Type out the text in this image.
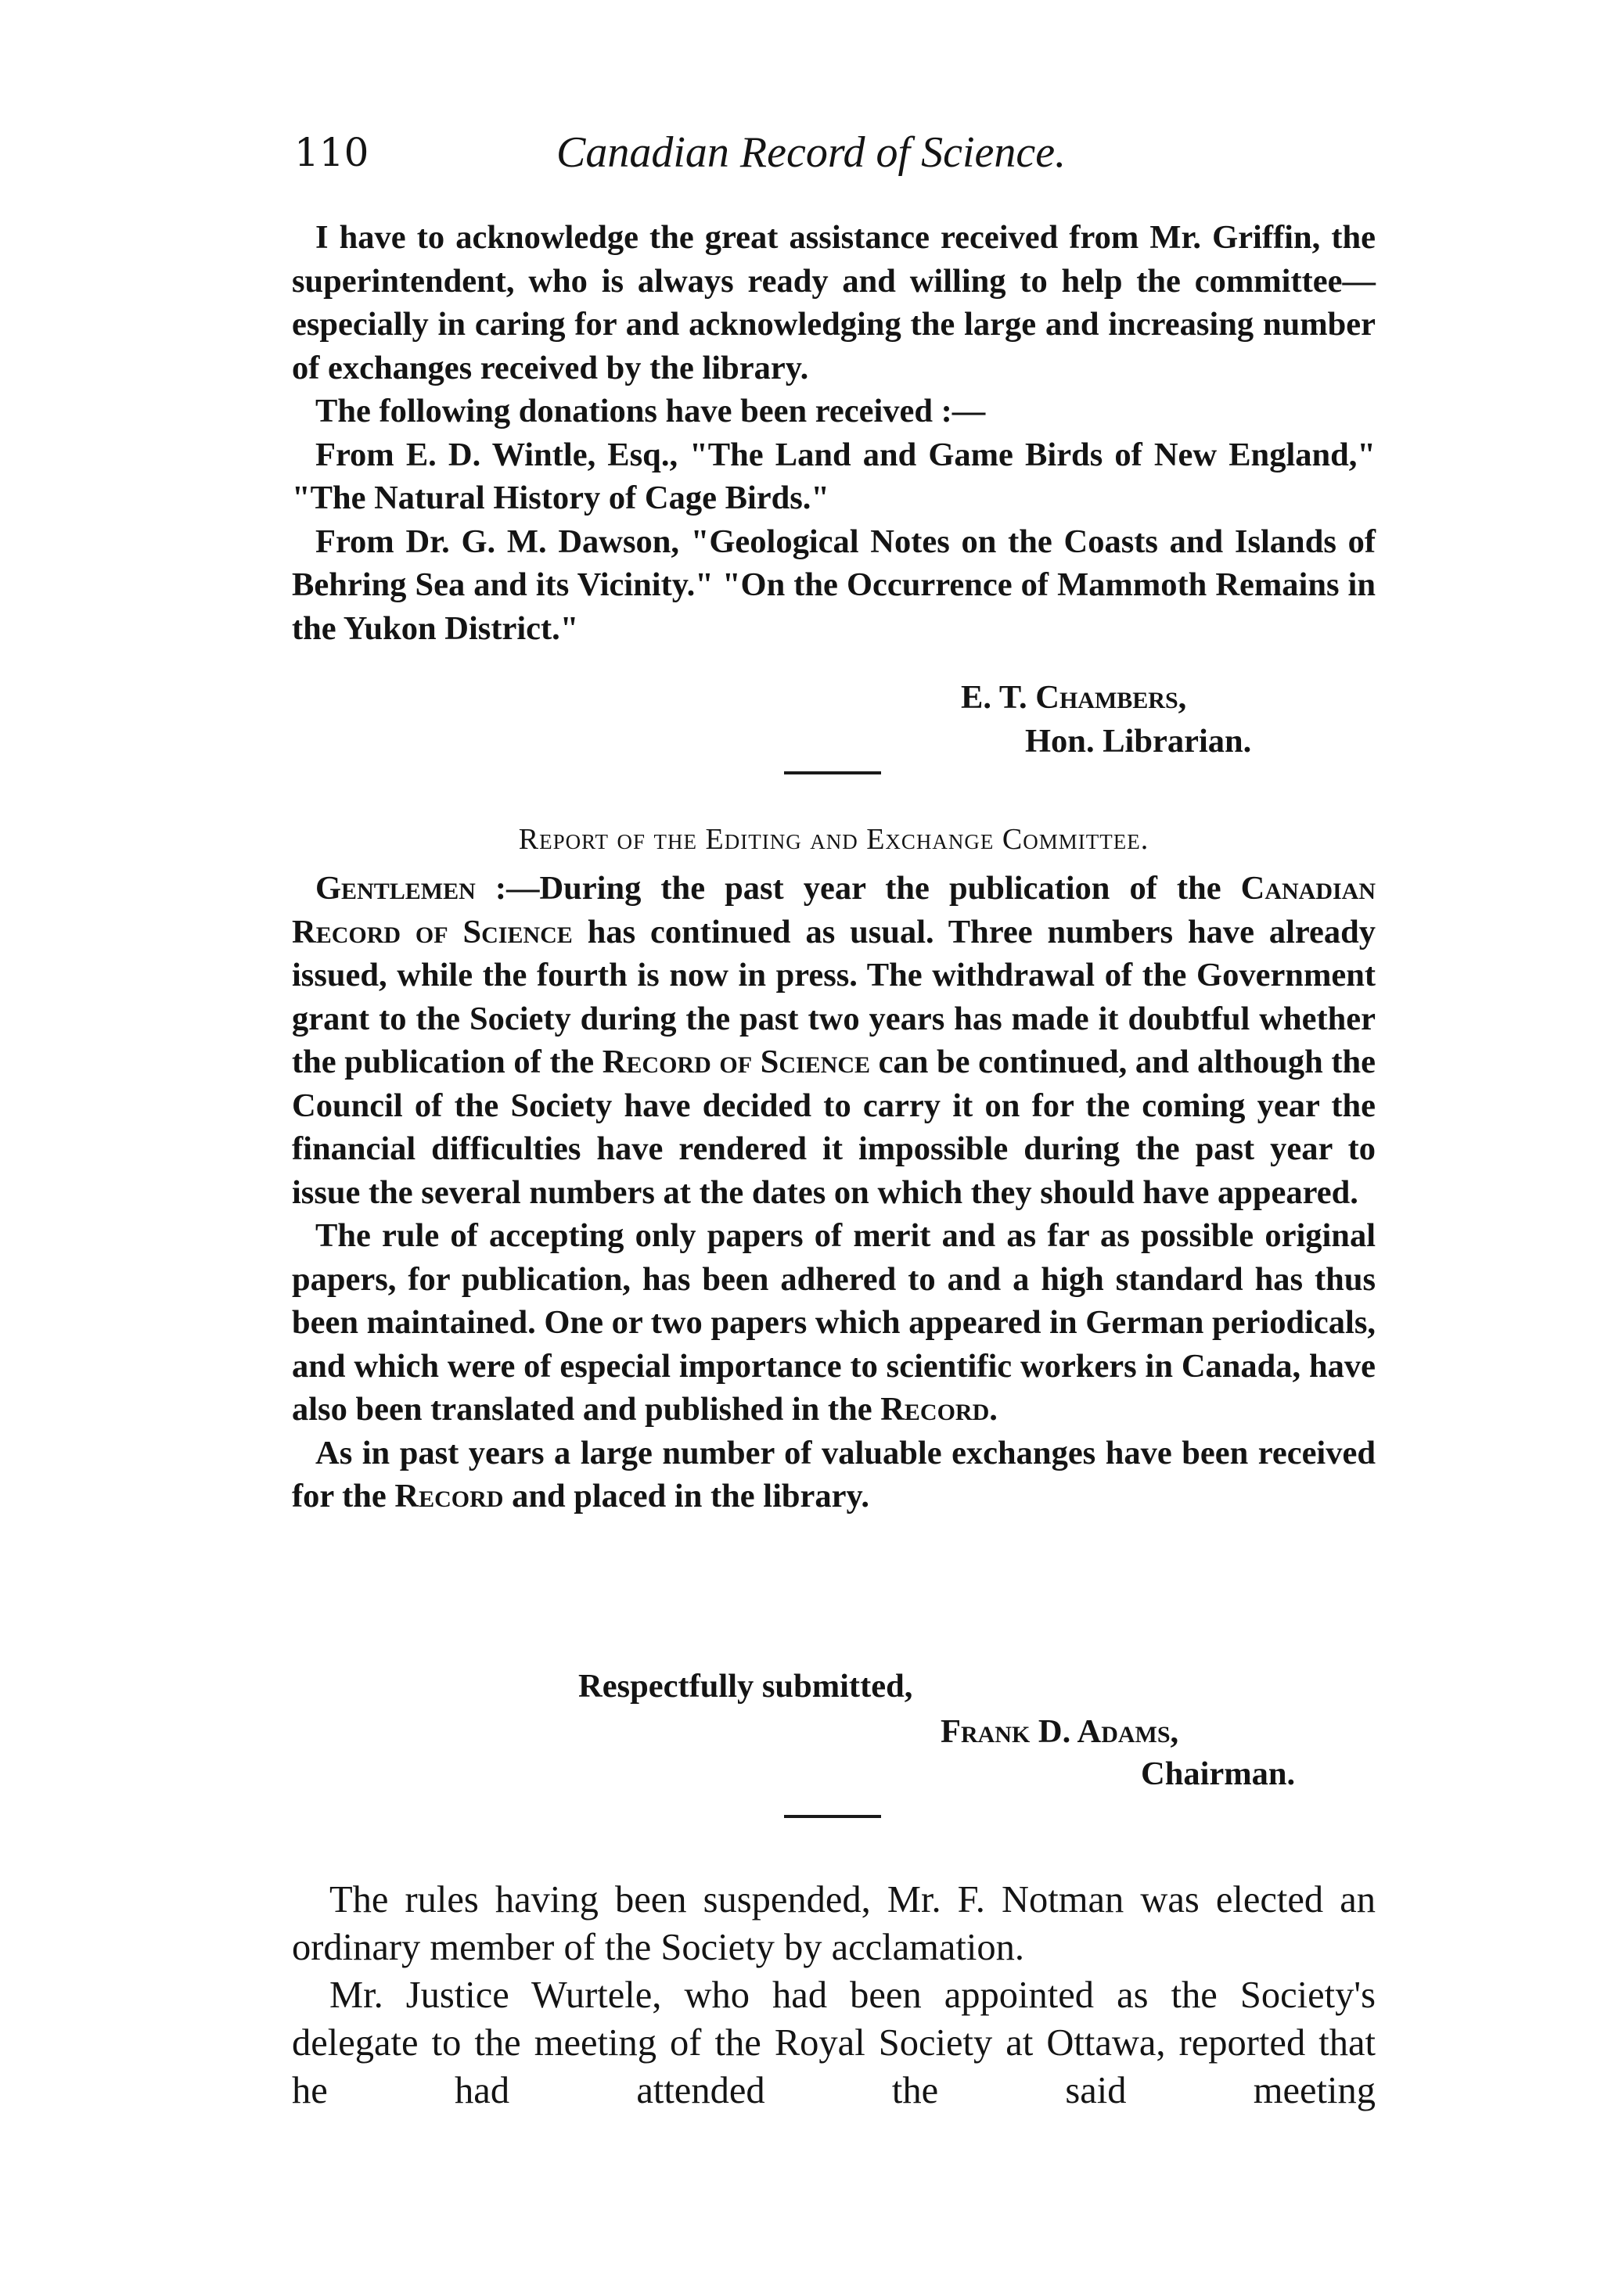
110	Canadian Record of Science.

I have to acknowledge the great assistance received from Mr. Griffin, the superintendent, who is always ready and willing to help the committee—especially in caring for and acknowledging the large and increasing number of exchanges received by the library.

The following donations have been received :—

From E. D. Wintle, Esq., "The Land and Game Birds of New England," "The Natural History of Cage Birds."

From Dr. G. M. Dawson, "Geological Notes on the Coasts and Islands of Behring Sea and its Vicinity." "On the Occurrence of Mammoth Remains in the Yukon District."

E. T. Chambers,
Hon. Librarian.
Report of the Editing and Exchange Committee.

Gentlemen :—During the past year the publication of the Canadian Record of Science has continued as usual. Three numbers have already issued, while the fourth is now in press. The withdrawal of the Government grant to the Society during the past two years has made it doubtful whether the publication of the Record of Science can be continued, and although the Council of the Society have decided to carry it on for the coming year the financial difficulties have rendered it impossible during the past year to issue the several numbers at the dates on which they should have appeared.

The rule of accepting only papers of merit and as far as possible original papers, for publication, has been adhered to and a high standard has thus been maintained. One or two papers which appeared in German periodicals, and which were of especial importance to scientific workers in Canada, have also been translated and published in the Record.

As in past years a large number of valuable exchanges have been received for the Record and placed in the library.

Respectfully submitted,
Frank D. Adams,
Chairman.

The rules having been suspended, Mr. F. Notman was elected an ordinary member of the Society by acclamation.

Mr. Justice Wurtele, who had been appointed as the Society's delegate to the meeting of the Royal Society at Ottawa, reported that he had attended the said meeting
